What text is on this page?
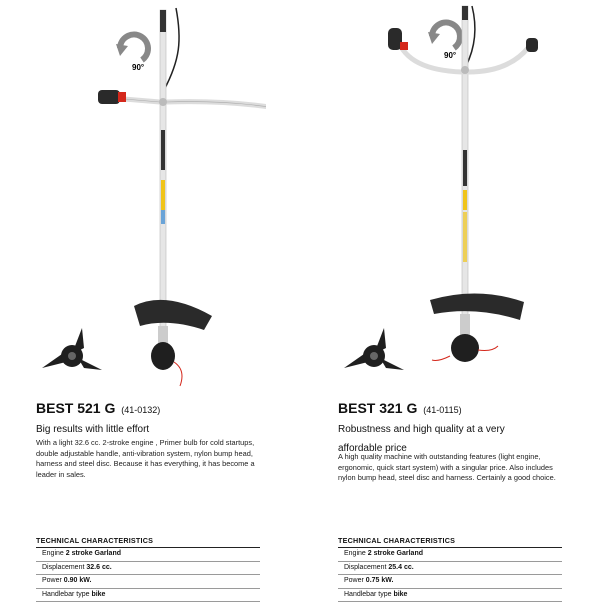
90°
BEST 521 G (41-0132)
Big results with little effort
With a light 32.6 cc. 2-stroke engine , Primer bulb for cold startups, double adjustable handle, anti-vibration system, nylon bump head, harness and steel disc. Because it has everything, it has become a leader in sales.
TECHNICAL CHARACTERISTICS
Engine 2 stroke Garland
Displacement 32.6 cc.
Power 0.90 kW.
Handlebar type bike
90°
BEST 321 G (41-0115)
Robustness and high quality at a very affordable price
A high quality machine with outstanding features (light engine, ergonomic, quick start system) with a singular price. Also includes nylon bump head, steel disc and harness. Certainly a good choice.
TECHNICAL CHARACTERISTICS
Engine 2 stroke Garland
Displacement 25.4 cc.
Power 0.75 kW.
Handlebar type bike
